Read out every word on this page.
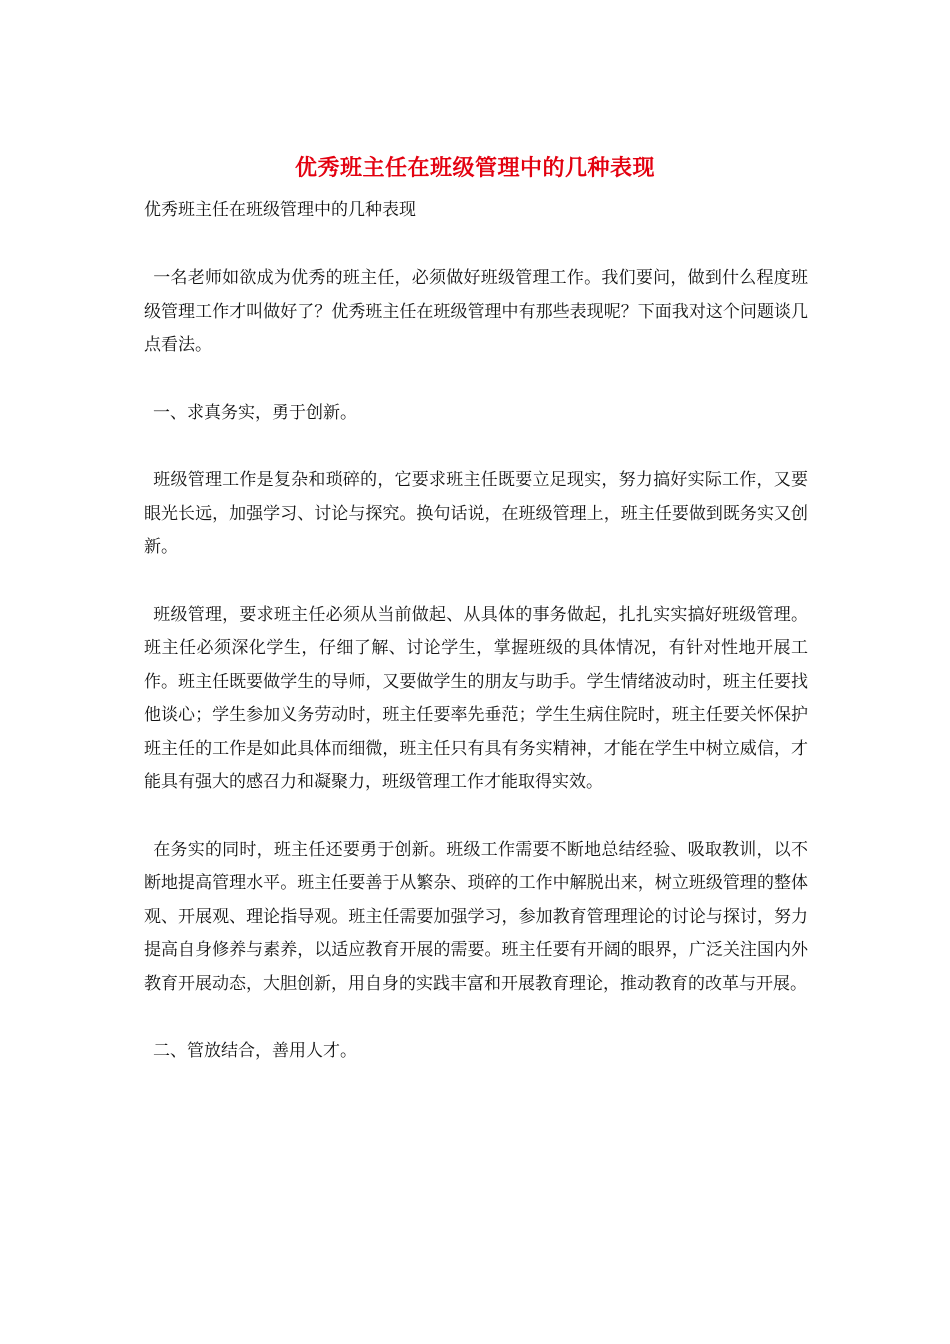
优秀班主任在班级管理中的几种表现
优秀班主任在班级管理中的几种表现

一名老师如欲成为优秀的班主任，必须做好班级管理工作。我们要问，做到什么程度班级管理工作才叫做好了？优秀班主任在班级管理中有那些表现呢？下面我对这个问题谈几点看法。

一、求真务实，勇于创新。

班级管理工作是复杂和琐碎的，它要求班主任既要立足现实，努力搞好实际工作，又要眼光长远，加强学习、讨论与探究。换句话说，在班级管理上，班主任要做到既务实又创新。

班级管理，要求班主任必须从当前做起、从具体的事务做起，扎扎实实搞好班级管理。班主任必须深化学生，仔细了解、讨论学生，掌握班级的具体情况，有针对性地开展工作。班主任既要做学生的导师，又要做学生的朋友与助手。学生情绪波动时，班主任要找他谈心；学生参加义务劳动时，班主任要率先垂范；学生生病住院时，班主任要关怀保护 班主任的工作是如此具体而细微，班主任只有具有务实精神，才能在学生中树立威信，才能具有强大的感召力和凝聚力，班级管理工作才能取得实效。

在务实的同时，班主任还要勇于创新。班级工作需要不断地总结经验、吸取教训，以不断地提高管理水平。班主任要善于从繁杂、琐碎的工作中解脱出来，树立班级管理的整体观、开展观、理论指导观。班主任需要加强学习，参加教育管理理论的讨论与探讨，努力提高自身修养与素养，以适应教育开展的需要。班主任要有开阔的眼界，广泛关注国内外教育开展动态，大胆创新，用自身的实践丰富和开展教育理论，推动教育的改革与开展。

二、管放结合，善用人才。
